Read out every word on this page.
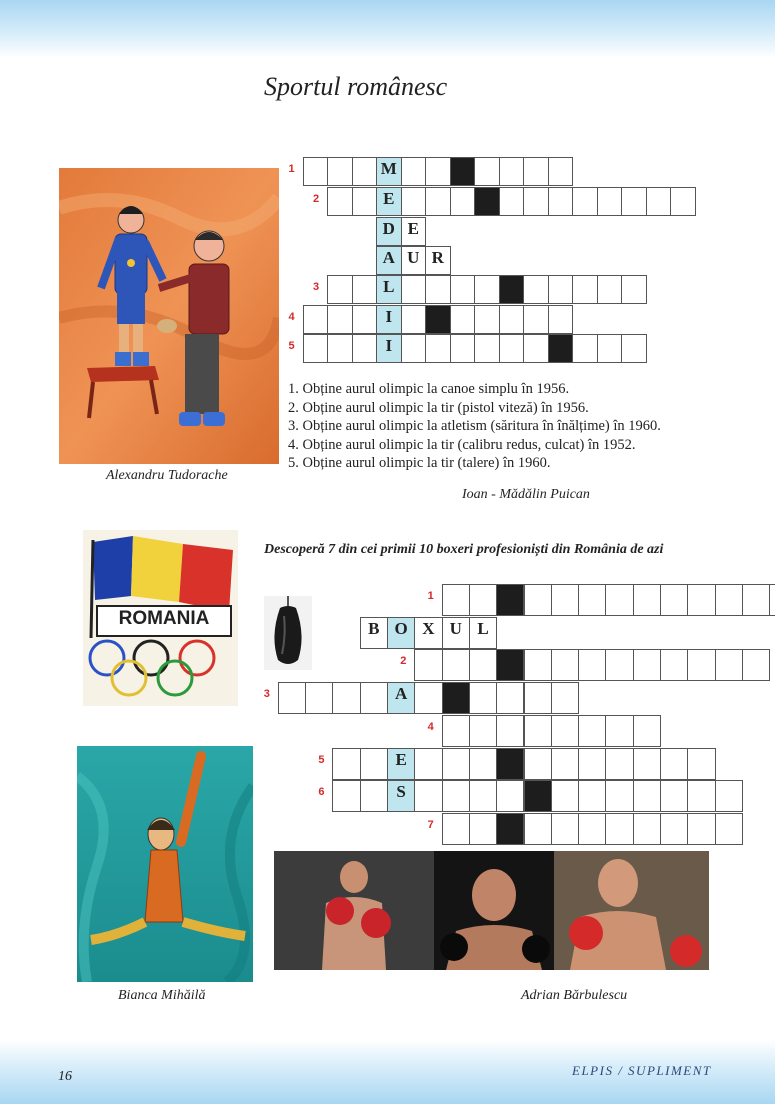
Sportul românesc
Alexandru Tudorache
1	M
2	E
D E
A U R
3	L
4	I
5	I
1. Obține aurul olimpic la canoe simplu în 1956.
2. Obține aurul olimpic la tir (pistol viteză) în 1956.
3. Obține aurul olimpic la atletism (săritura în înălțime) în 1960.
4. Obține aurul olimpic la tir (calibru redus, culcat) în 1952.
5. Obține aurul olimpic la tir (talere) în 1960.
Ioan - Mădălin Puican
ROMANIA
Descoperă 7 din cei primii 10 boxeri profesioniști din România de azi
1
B O X U L
2
3	A
4
5	E
6	S
7
Bianca Mihăilă	Adrian Bărbulescu
16	ELPIS / SUPLIMENT
